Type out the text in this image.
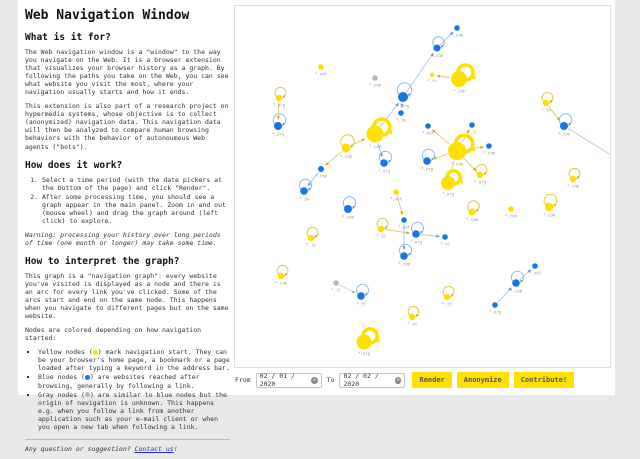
Web Navigation Window
What is it for?

The Web navigation window is a "window" to the way you navigate on the Web. It is a browser extension that visualizes your browser history as a graph. By following the paths you take on the Web, you can see what website you visit the most, where your navigation usually starts and how it ends.

This extension is also part of a research project on hypermedia systems, whose objective is to collect (anonymized) navigation data. This navigation data will then be analyzed to compare human browsing behaviors with the behavior of autonoumous Web agents ("bots").

How does it work?
1. Select a time period (with the date pickers at the bottom of the page) and click "Render".
2. After some processing time, you should see a graph appear in the main panel. Zoom in and out (mouse wheel) and drag the graph around (left click) to explore.

Warning: processing your history over long periods of time (one month or longer) may take some time.

How to interpret the graph?

This graph is a "navigation graph": every website you've visited is displayed as a node and there is an arc for every link you've clicked. Some of the arcs start and end on the same node. This happens when you navigate to different pages but on the same website.

Nodes are colored depending on how navigation started:

▪ Yellow nodes ( ) mark navigation start. They can be your browser's home page, a bookmark or a page loaded after typing a keyword in the address bar.
▪ Blue nodes ( ) are websites reached after browsing, generally by following a link.
▪ Gray nodes ( ) are similar to blue nodes but the origin of navigation is unknown. This happens e.g. when you follow a link from another application such as your e-mail client or when you open a new tab when following a link.

Any question or suggestion? Contact us!

*.net
*.com
*.com
*.com
*.org
*.im
*.org
*.org
*.com
*.com
*.com
*.org
*.com
*.fr
*.com
*.org
*.org
*.it
*.com
*.net
*.org
*.to
*.com
*.com
*.im
*.com
*.net
*.net
*.io
*.org
*.com
*.io
*.com
*.it
*.it
*.io
*.org
*.to
*.com
*.com	*.com
*.net
*.com
*.org
*.it
From 02 / 01 / 2020
✕ To 02 / 02 / 2020
✕	Render	Anonymize	Contribute!
